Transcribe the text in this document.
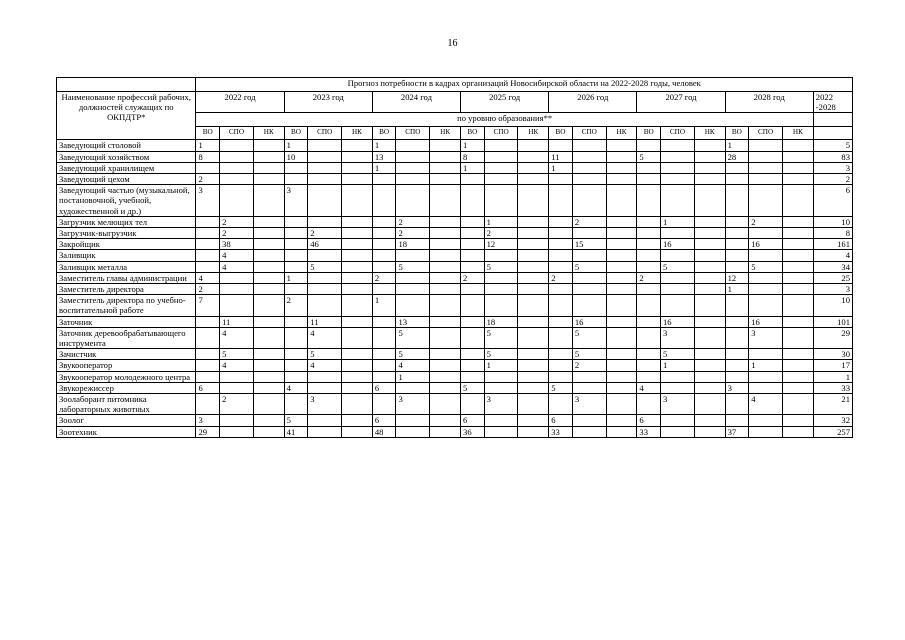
16
	Прогноз потребности в кадрах организаций Новосибирской области на 2022-2028 годы, человек																					
Наименование профессий рабочих, должностей служащих по ОКПДТР*	2022 год			2023 год			2024 год			2025 год			2026 год			2027 год			2028 год			2022 -2028
	по уровню образования**																					
	ВО	СПО	НК	ВО	СПО	НК	ВО	СПО	НК	ВО	СПО	НК	ВО	СПО	НК	ВО	СПО	НК	ВО	СПО	НК	
Заведующий столовой	1			1			1			1									1			5
Заведующий хозяйством	8			10			13			8			11			5			28			83
Заведующий хранилищем							1			1			1									3
Заведующий цехом	2																					2
Заведующий частью (музыкальной, постановочной, учебной, художественной и др.)	3			3																		6
Загрузчик мелющих тел		2						2			1			2			1			2		10
Загрузчик-выгрузчик		2			2			2			2											8
Закройщик		38			46			18			12			15			16			16		161
Заливщик		4																				4
Заливщик металла		4			5			5			5			5			5			5		34
Заместитель главы администрации	4			1			2			2			2			2			12			25
Заместитель директора	2																		1			3
Заместитель директора по учебно-воспитательной работе	7			2			1															10
Заточник		11			11			13			18			16			16			16		101
Заточник деревообрабатывающего инструмента		4			4			5			5			5			3			3		29
Зачистчик		5			5			5			5			5			5					30
Звукооператор		4			4			4			1			2			1			1		17
Звукооператор молодежного центра								1														1
Звукорежиссер	6			4			6			5			5			4			3			33
Зоолаборант питомника лабораторных животных		2			3			3			3			3			3			4		21
Зоолог	3			5			6			6			6			6						32
Зоотехник	29			41			48			36			33			33			37			257
